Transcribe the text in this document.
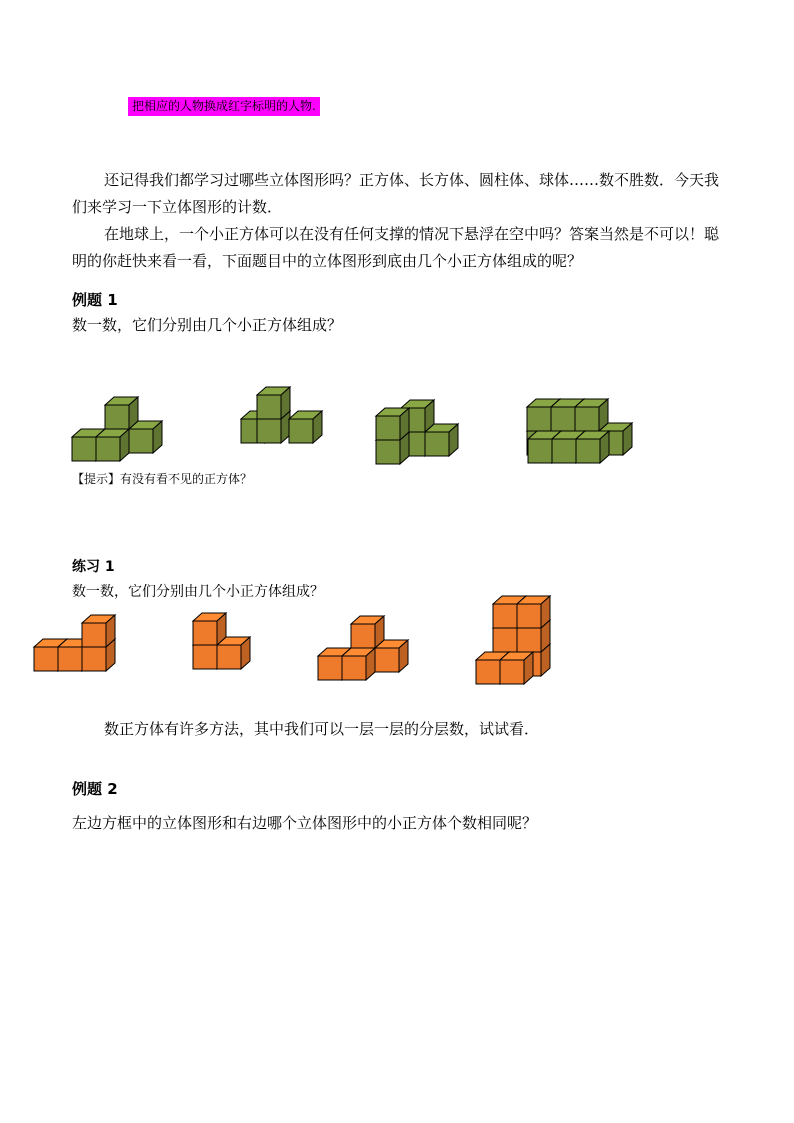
把相应的人物换成红字标明的人物.

还记得我们都学习过哪些立体图形吗？正方体、长方体、圆柱体、球体……数不胜数．今天我们来学习一下立体图形的计数．

在地球上，一个小正方体可以在没有任何支撑的情况下悬浮在空中吗？答案当然是不可以！聪明的你赶快来看一看，下面题目中的立体图形到底由几个小正方体组成的呢？

例题 1
数一数，它们分别由几个小正方体组成？
【提示】有没有看不见的正方体？
练习 1
数一数，它们分别由几个小正方体组成？
数正方体有许多方法，其中我们可以一层一层的分层数，试试看．
例题 2
左边方框中的立体图形和右边哪个立体图形中的小正方体个数相同呢？
